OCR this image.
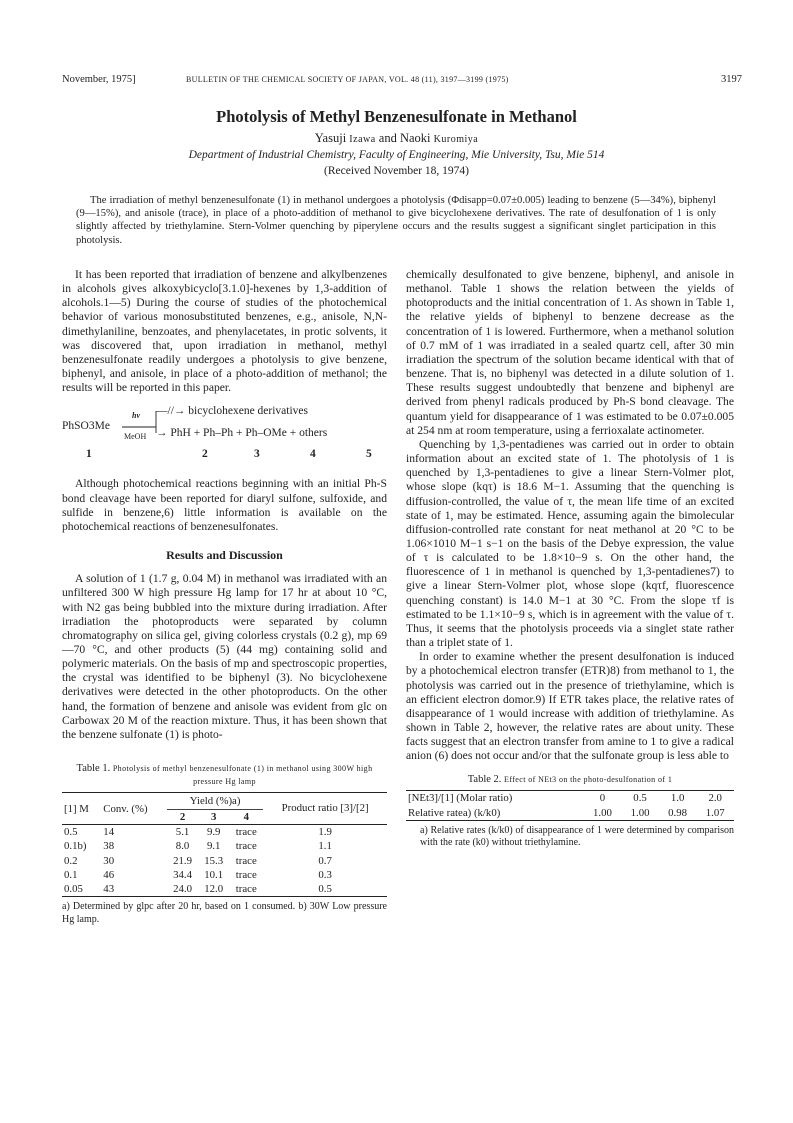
November, 1975]	BULLETIN OF THE CHEMICAL SOCIETY OF JAPAN, VOL. 48 (11), 3197—3199 (1975)	3197
Photolysis of Methyl Benzenesulfonate in Methanol
Yasuji Izawa and Naoki Kuromiya
Department of Industrial Chemistry, Faculty of Engineering, Mie University, Tsu, Mie 514
(Received November 18, 1974)
The irradiation of methyl benzenesulfonate (1) in methanol undergoes a photolysis (Φdisapp=0.07±0.005) leading to benzene (5—34%), biphenyl (9—15%), and anisole (trace), in place of a photo-addition of methanol to give bicyclohexene derivatives. The rate of desulfonation of 1 is only slightly affected by triethylamine. Stern-Volmer quenching by piperylene occurs and the results suggest a significant singlet participation in this photolysis.

It has been reported that irradiation of benzene and alkylbenzenes in alcohols gives alkoxybicyclo[3.1.0]-hexenes by 1,3-addition of alcohols.1—5) During the course of studies of the photochemical behavior of various monosubstituted benzenes, e.g., anisole, N,N-dimethylaniline, benzoates, and phenylacetates, in protic solvents, it was discovered that, upon irradiation in methanol, methyl benzenesulfonate readily undergoes a photolysis to give benzene, biphenyl, and anisole, in place of a photo-addition of methanol; the results will be reported in this paper.

PhSO3Me
hν
MeOH
—//→ bicyclohexene derivatives
→ PhH + Ph–Ph + Ph–OMe + others
1	2	3	4	5

Although photochemical reactions beginning with an initial Ph-S bond cleavage have been reported for diaryl sulfone, sulfoxide, and sulfide in benzene,6) little information is available on the photochemical reactions of benzenesulfonates.

Results and Discussion

A solution of 1 (1.7 g, 0.04 M) in methanol was irradiated with an unfiltered 300 W high pressure Hg lamp for 17 hr at about 10 °C, with N2 gas being bubbled into the mixture during irradiation. After irradiation the photoproducts were separated by column chromatography on silica gel, giving colorless crystals (0.2 g), mp 69—70 °C, and other products (5) (44 mg) containing solid and polymeric materials. On the basis of mp and spectroscopic properties, the crystal was identified to be biphenyl (3). No bicyclohexene derivatives were detected in the other photoproducts. On the other hand, the formation of benzene and anisole was evident from glc on Carbowax 20 M of the reaction mixture. Thus, it has been shown that the benzene sulfonate (1) is photo-

Table 1. Photolysis of methyl benzenesulfonate (1) in methanol using 300W high pressure Hg lamp
[1] M	Conv. (%)	Yield (%)a)			Product ratio [3]/[2]
		2	3	4	
0.5	14	5.1	9.9	trace	1.9
0.1b)	38	8.0	9.1	trace	1.1
0.2	30	21.9	15.3	trace	0.7
0.1	46	34.4	10.1	trace	0.3
0.05	43	24.0	12.0	trace	0.5
a) Determined by glpc after 20 hr, based on 1 consumed. b) 30W Low pressure Hg lamp.

chemically desulfonated to give benzene, biphenyl, and anisole in methanol. Table 1 shows the relation between the yields of photoproducts and the initial concentration of 1. As shown in Table 1, the relative yields of biphenyl to benzene decrease as the concentration of 1 is lowered. Furthermore, when a methanol solution of 0.7 mM of 1 was irradiated in a sealed quartz cell, after 30 min irradiation the spectrum of the solution became identical with that of benzene. That is, no biphenyl was detected in a dilute solution of 1. These results suggest undoubtedly that benzene and biphenyl are derived from phenyl radicals produced by Ph-S bond cleavage. The quantum yield for disappearance of 1 was estimated to be 0.07±0.005 at 254 nm at room temperature, using a ferrioxalate actinometer.

Quenching by 1,3-pentadienes was carried out in order to obtain information about an excited state of 1. The photolysis of 1 is quenched by 1,3-pentadienes to give a linear Stern-Volmer plot, whose slope (kqτ) is 18.6 M−1. Assuming that the quenching is diffusion-controlled, the value of τ, the mean life time of an excited state of 1, may be estimated. Hence, assuming again the bimolecular diffusion-controlled rate constant for neat methanol at 20 °C to be 1.06×1010 M−1 s−1 on the basis of the Debye expression, the value of τ is calculated to be 1.8×10−9 s. On the other hand, the fluorescence of 1 in methanol is quenched by 1,3-pentadienes7) to give a linear Stern-Volmer plot, whose slope (kqτf, fluorescence quenching constant) is 14.0 M−1 at 30 °C. From the slope τf is estimated to be 1.1×10−9 s, which is in agreement with the value of τ. Thus, it seems that the photolysis proceeds via a singlet state rather than a triplet state of 1.

In order to examine whether the present desulfonation is induced by a photochemical electron transfer (ETR)8) from methanol to 1, the photolysis was carried out in the presence of triethylamine, which is an efficient electron domor.9) If ETR takes place, the relative rates of disappearance of 1 would increase with addition of triethylamine. As shown in Table 2, however, the relative rates are about unity. These facts suggest that an electron transfer from amine to 1 to give a radical anion (6) does not occur and/or that the sulfonate group is less able to

Table 2. Effect of NEt3 on the photo-desulfonation of 1
[NEt3]/[1] (Molar ratio)	0	0.5	1.0	2.0
Relative ratea) (k/k0)	1.00	1.00	0.98	1.07
a) Relative rates (k/k0) of disappearance of 1 were determined by comparison with the rate (k0) without triethylamine.
